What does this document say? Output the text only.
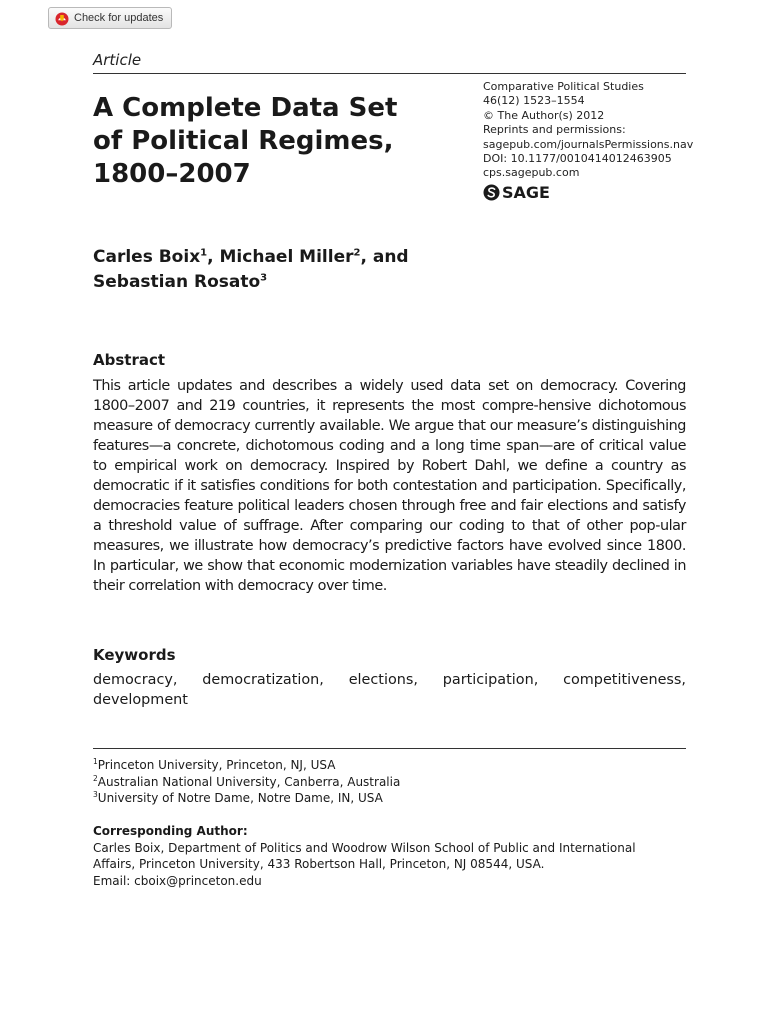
Check for updates
Article
A Complete Data Set
of Political Regimes,
1800–2007
Comparative Political Studies
46(12) 1523–1554
© The Author(s) 2012
Reprints and permissions:
sagepub.com/journalsPermissions.nav
DOI: 10.1177/0010414012463905
cps.sagepub.com
SAGE
Carles Boix$^1$, Michael Miller$^2$, and
Sebastian Rosato$^3$
Abstract

This article updates and describes a widely used data set on democracy. Covering 1800–2007 and 219 countries, it represents the most compre-hensive dichotomous measure of democracy currently available. We argue that our measure’s distinguishing features—a concrete, dichotomous coding and a long time span—are of critical value to empirical work on democracy. Inspired by Robert Dahl, we define a country as democratic if it satisfies conditions for both contestation and participation. Specifically, democracies feature political leaders chosen through free and fair elections and satisfy a threshold value of suffrage. After comparing our coding to that of other pop-ular measures, we illustrate how democracy’s predictive factors have evolved since 1800. In particular, we show that economic modernization variables have steadily declined in their correlation with democracy over time.

Keywords

democracy, democratization, elections, participation, competitiveness, development

$^1$Princeton University, Princeton, NJ, USA
$^2$Australian National University, Canberra, Australia
$^3$University of Notre Dame, Notre Dame, IN, USA
Corresponding Author:
Carles Boix, Department of Politics and Woodrow Wilson School of Public and International
Affairs, Princeton University, 433 Robertson Hall, Princeton, NJ 08544, USA.
Email: cboix@princeton.edu
